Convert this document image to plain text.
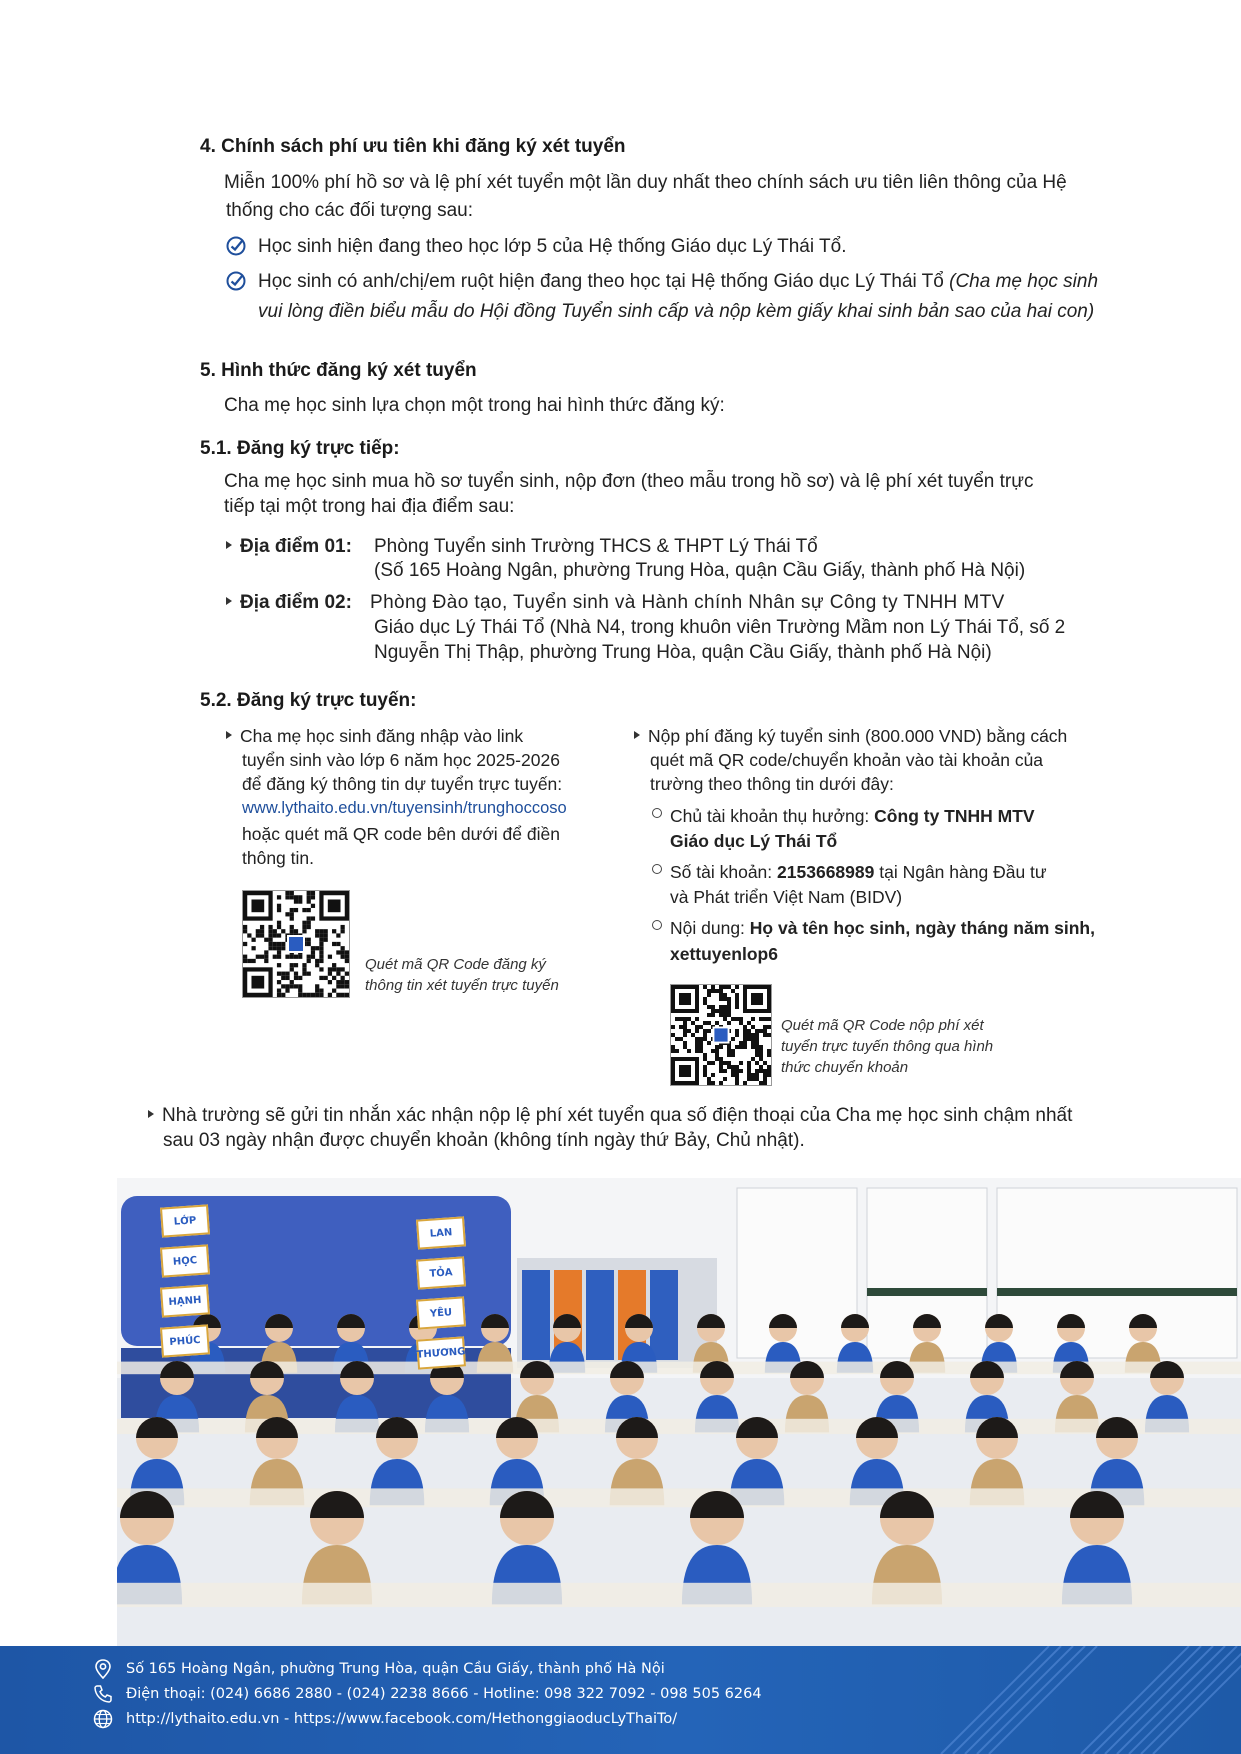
4. Chính sách phí ưu tiên khi đăng ký xét tuyển
Miễn 100% phí hồ sơ và lệ phí xét tuyển một lần duy nhất theo chính sách ưu tiên liên thông của Hệ
thống cho các đối tượng sau:
Học sinh hiện đang theo học lớp 5 của Hệ thống Giáo dục Lý Thái Tổ.
Học sinh có anh/chị/em ruột hiện đang theo học tại Hệ thống Giáo dục Lý Thái Tổ (Cha mẹ học sinh
vui lòng điền biểu mẫu do Hội đồng Tuyển sinh cấp và nộp kèm giấy khai sinh bản sao của hai con)
5. Hình thức đăng ký xét tuyển
Cha mẹ học sinh lựa chọn một trong hai hình thức đăng ký:
5.1. Đăng ký trực tiếp:
Cha mẹ học sinh mua hồ sơ tuyển sinh, nộp đơn (theo mẫu trong hồ sơ) và lệ phí xét tuyển trực
tiếp tại một trong hai địa điểm sau:
Địa điểm 01: Phòng Tuyển sinh Trường THCS & THPT Lý Thái Tổ
(Số 165 Hoàng Ngân, phường Trung Hòa, quận Cầu Giấy, thành phố Hà Nội)
Địa điểm 02: Phòng Đào tạo, Tuyển sinh và Hành chính Nhân sự Công ty TNHH MTV
Giáo dục Lý Thái Tổ (Nhà N4, trong khuôn viên Trường Mầm non Lý Thái Tổ, số 2
Nguyễn Thị Thập, phường Trung Hòa, quận Cầu Giấy, thành phố Hà Nội)
5.2. Đăng ký trực tuyến:
Cha mẹ học sinh đăng nhập vào link
tuyển sinh vào lớp 6 năm học 2025-2026
để đăng ký thông tin dự tuyển trực tuyến:
www.lythaito.edu.vn/tuyensinh/trunghoccoso
hoặc quét mã QR code bên dưới để điền
thông tin.
Quét mã QR Code đăng ký
thông tin xét tuyển trực tuyến
Nộp phí đăng ký tuyển sinh (800.000 VND) bằng cách
quét mã QR code/chuyển khoản vào tài khoản của
trường theo thông tin dưới đây:
Chủ tài khoản thụ hưởng: Công ty TNHH MTV
Giáo dục Lý Thái Tổ
Số tài khoản: 2153668989 tại Ngân hàng Đầu tư
và Phát triển Việt Nam (BIDV)
Nội dung: Họ và tên học sinh, ngày tháng năm sinh,
xettuyenlop6
Quét mã QR Code nộp phí xét
tuyển trực tuyến thông qua hình
thức chuyển khoản
Nhà trường sẽ gửi tin nhắn xác nhận nộp lệ phí xét tuyển qua số điện thoại của Cha mẹ học sinh chậm nhất
sau 03 ngày nhận được chuyển khoản (không tính ngày thứ Bảy, Chủ nhật).
LỚP
HỌC
HẠNH
PHÚC
LAN
TỎA
YÊU
THƯƠNG
Số 165 Hoàng Ngân, phường Trung Hòa, quận Cầu Giấy, thành phố Hà Nội
Điện thoại: (024) 6686 2880 - (024) 2238 8666 - Hotline: 098 322 7092 - 098 505 6264
http://lythaito.edu.vn - https://www.facebook.com/HethonggiaoducLyThaiTo/
